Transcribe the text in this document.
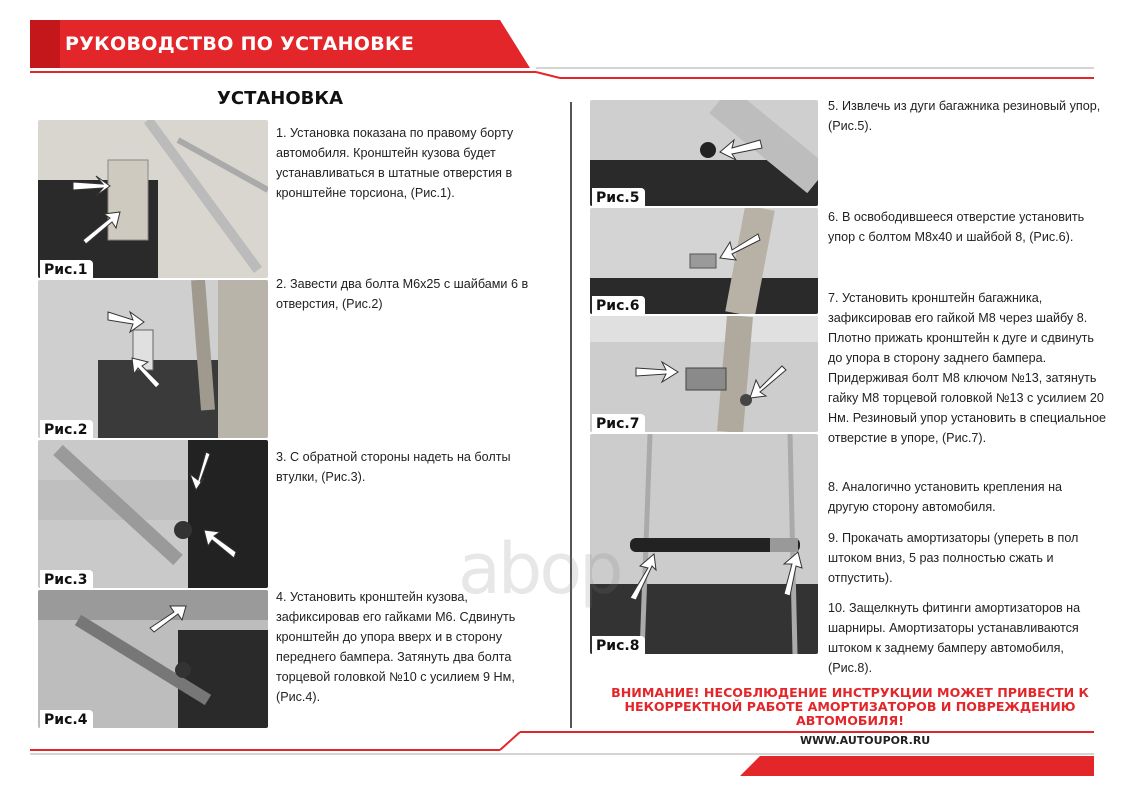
РУКОВОДСТВО ПО УСТАНОВКЕ
УСТАНОВКА
Рис.1
Рис.2
Рис.3
Рис.4
Рис.5
Рис.6
Рис.7
Рис.8
1. Установка показана по правому борту автомобиля. Кронштейн кузова будет устанавливаться в штатные отверстия в кронштейне торсиона, (Рис.1).
2. Завести два болта М6х25 с шайбами 6 в отверстия, (Рис.2)
3. С обратной стороны надеть на болты втулки, (Рис.3).
4. Установить кронштейн кузова, зафиксировав его гайками М6. Сдвинуть кронштейн до упора вверх и в сторону переднего бампера. Затянуть два болта торцевой головкой №10 с усилием 9 Нм, (Рис.4).
5. Извлечь из дуги багажника резиновый упор, (Рис.5).
6. В освободившееся отверстие установить упор с болтом М8х40 и шайбой 8, (Рис.6).
7. Установить кронштейн багажника, зафиксировав его гайкой М8 через шайбу 8. Плотно прижать кронштейн к дуге и сдвинуть до упора в сторону заднего бампера. Придерживая болт М8 ключом №13, затянуть гайку М8 торцевой головкой №13 с усилием 20 Нм. Резиновый упор установить в специальное отверстие в упоре, (Рис.7).
8. Аналогично установить крепления на другую сторону автомобиля.
9. Прокачать амортизаторы (упереть в пол штоком вниз, 5 раз полностью сжать и отпустить).
10. Защелкнуть фитинги амортизаторов на шарниры. Амортизаторы устанавливаются штоком к заднему бамперу автомобиля, (Рис.8).
abop
ВНИМАНИЕ! НЕСОБЛЮДЕНИЕ ИНСТРУКЦИИ МОЖЕТ ПРИВЕСТИ К
НЕКОРРЕКТНОЙ РАБОТЕ АМОРТИЗАТОРОВ И ПОВРЕЖДЕНИЮ
АВТОМОБИЛЯ!
WWW.AUTOUPOR.RU
